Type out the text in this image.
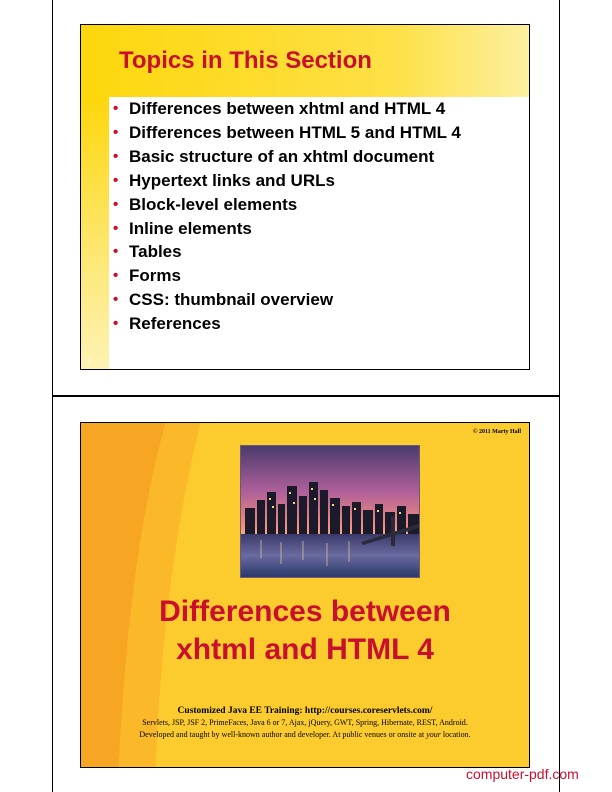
Topics in This Section
• Differences between xhtml and HTML 4
• Differences between HTML 5 and HTML 4
• Basic structure of an xhtml document
• Hypertext links and URLs
• Block-level elements
• Inline elements
• Tables
• Forms
• CSS: thumbnail overview
• References
4
© 2011 Marty Hall
Differences between
xhtml and HTML 4
Customized Java EE Training: http://courses.coreservlets.com/
Servlets, JSP, JSF 2, PrimeFaces, Java 6 or 7, Ajax, jQuery, GWT, Spring, Hibernate, REST, Android.
Developed and taught by well-known author and developer. At public venues or onsite at your location.
computer-pdf.com
